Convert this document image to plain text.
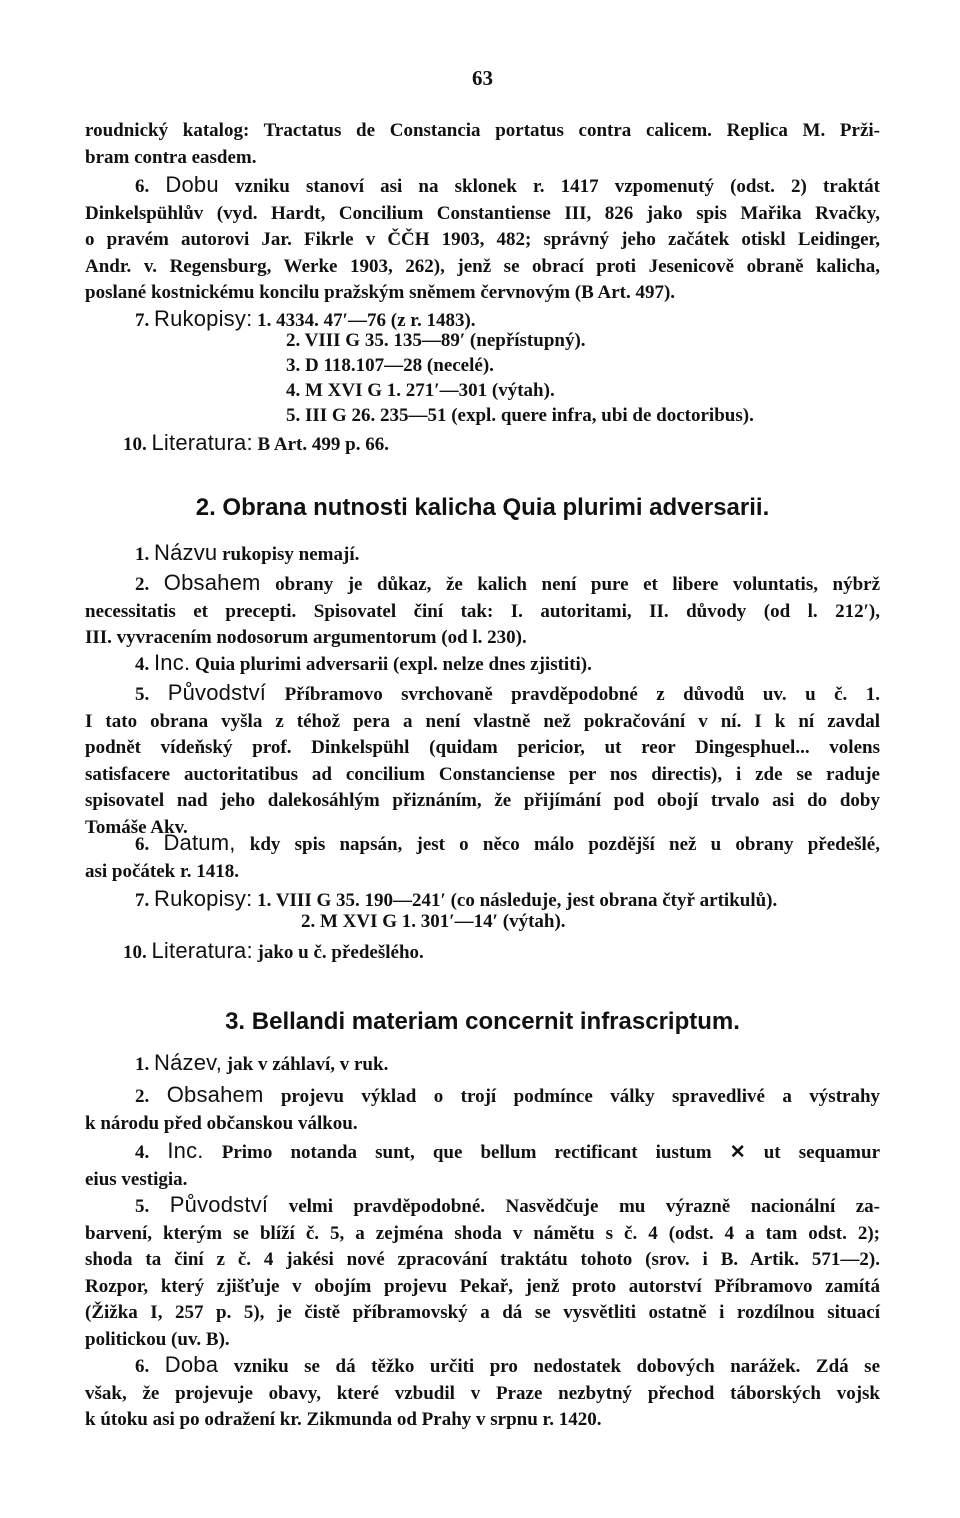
63
roudnický katalog: Tractatus de Constancia portatus contra calicem. Replica M. Prži-
bram contra easdem.
6. Dobu vzniku stanoví asi na sklonek r. 1417 vzpomenutý (odst. 2) traktát
Dinkelspühlův (vyd. Hardt, Concilium Constantiense III, 826 jako spis Mařika Rvačky,
o pravém autorovi Jar. Fikrle v ČČH 1903, 482; správný jeho začátek otiskl Leidinger,
Andr. v. Regensburg, Werke 1903, 262), jenž se obrací proti Jesenicově obraně kalicha,
poslané kostnickému koncilu pražským sněmem červnovým (B Art. 497).
7. Rukopisy: 1. 4334. 47′—76 (z r. 1483).
2. VIII G 35. 135—89′ (nepřístupný).
3. D 118.107—28 (necelé).
4. M XVI G 1. 271′—301 (výtah).
5. III G 26. 235—51 (expl. quere infra, ubi de doctoribus).
10. Literatura: B Art. 499 p. 66.
2. Obrana nutnosti kalicha Quia plurimi adversarii.
1. Názvu rukopisy nemají.
2. Obsahem obrany je důkaz, že kalich není pure et libere voluntatis, nýbrž
necessitatis et precepti. Spisovatel činí tak: I. autoritami, II. důvody (od l. 212′),
III. vyvracením nodosorum argumentorum (od l. 230).
4. Inc. Quia plurimi adversarii (expl. nelze dnes zjistiti).
5. Původství Příbramovo svrchovaně pravděpodobné z důvodů uv. u č. 1.
I tato obrana vyšla z téhož pera a není vlastně než pokračování v ní. I k ní zavdal
podnět vídeňský prof. Dinkelspühl (quidam pericior, ut reor Dingesphuel... volens
satisfacere auctoritatibus ad concilium Constanciense per nos directis), i zde se raduje
spisovatel nad jeho dalekosáhlým přiznáním, že přijímání pod obojí trvalo asi do doby
Tomáše Akv.
6. Datum, kdy spis napsán, jest o něco málo pozdější než u obrany předešlé,
asi počátek r. 1418.
7. Rukopisy: 1. VIII G 35. 190—241′ (co následuje, jest obrana čtyř artikulů).
2. M XVI G 1. 301′—14′ (výtah).
10. Literatura: jako u č. předešlého.
3. Bellandi materiam concernit infrascriptum.
1. Název, jak v záhlaví, v ruk.
2. Obsahem projevu výklad o trojí podmínce války spravedlivé a výstrahy
k národu před občanskou válkou.
4. Inc. Primo notanda sunt, que bellum rectificant iustum ✕ ut sequamur
eius vestigia.
5. Původství velmi pravděpodobné. Nasvědčuje mu výrazně nacionální za-
barvení, kterým se blíží č. 5, a zejména shoda v námětu s č. 4 (odst. 4 a tam odst. 2);
shoda ta činí z č. 4 jakési nové zpracování traktátu tohoto (srov. i B. Artik. 571—2).
Rozpor, který zjišťuje v obojím projevu Pekař, jenž proto autorství Příbramovo zamítá
(Žižka I, 257 p. 5), je čistě příbramovský a dá se vysvětliti ostatně i rozdílnou situací
politickou (uv. B).
6. Doba vzniku se dá těžko určiti pro nedostatek dobových narážek. Zdá se
však, že projevuje obavy, které vzbudil v Praze nezbytný přechod táborských vojsk
k útoku asi po odražení kr. Zikmunda od Prahy v srpnu r. 1420.
